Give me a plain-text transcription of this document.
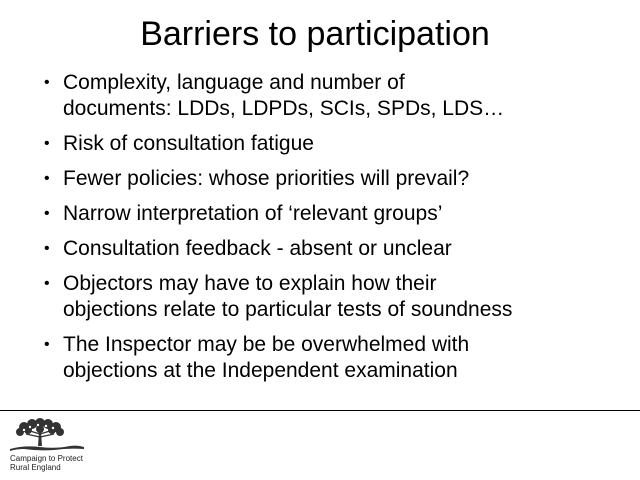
Barriers to participation
• Complexity, language and number of
documents: LDDs, LDPDs, SCIs, SPDs, LDS…
• Risk of consultation fatigue
• Fewer policies: whose priorities will prevail?
• Narrow interpretation of ‘relevant groups’
• Consultation feedback - absent or unclear
• Objectors may have to explain how their
objections relate to particular tests of soundness
• The Inspector may be be overwhelmed with
objections at the Independent examination
Campaign to Protect
Rural England
